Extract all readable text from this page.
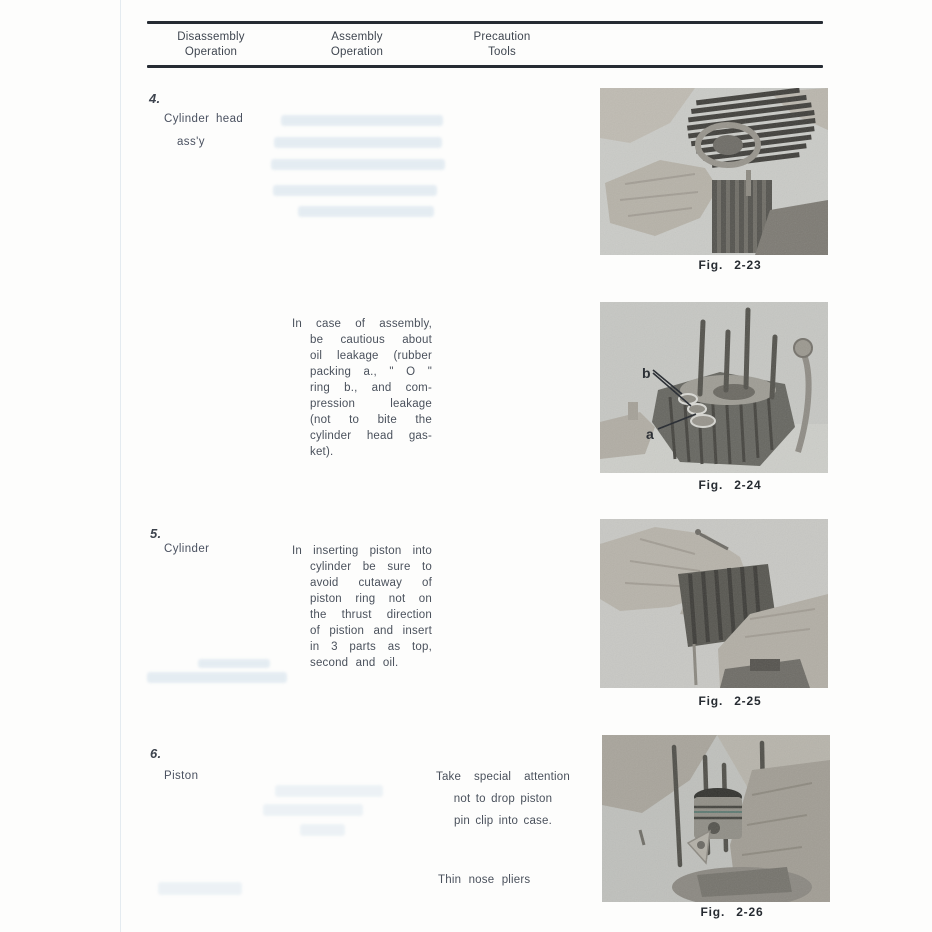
Disassembly
Operation
Assembly
Operation
Precaution
Tools
4.
Cylinder head
ass'y
In case of assembly,
be cautious about
oil leakage (rubber
packing a., " O "
ring b., and com-
pression leakage
(not to bite the
cylinder head gas-
ket).
Fig. 2-23
Fig. 2-24
5.
Cylinder	In inserting piston into
cylinder be sure to
avoid cutaway of
piston ring not on
the thrust direction
of pistion and insert
in 3 parts as top,
second and oil.
Fig. 2-25
6.
Piston	Take special attention
not to drop piston
pin clip into case.
Thin nose pliers
Fig. 2-26
